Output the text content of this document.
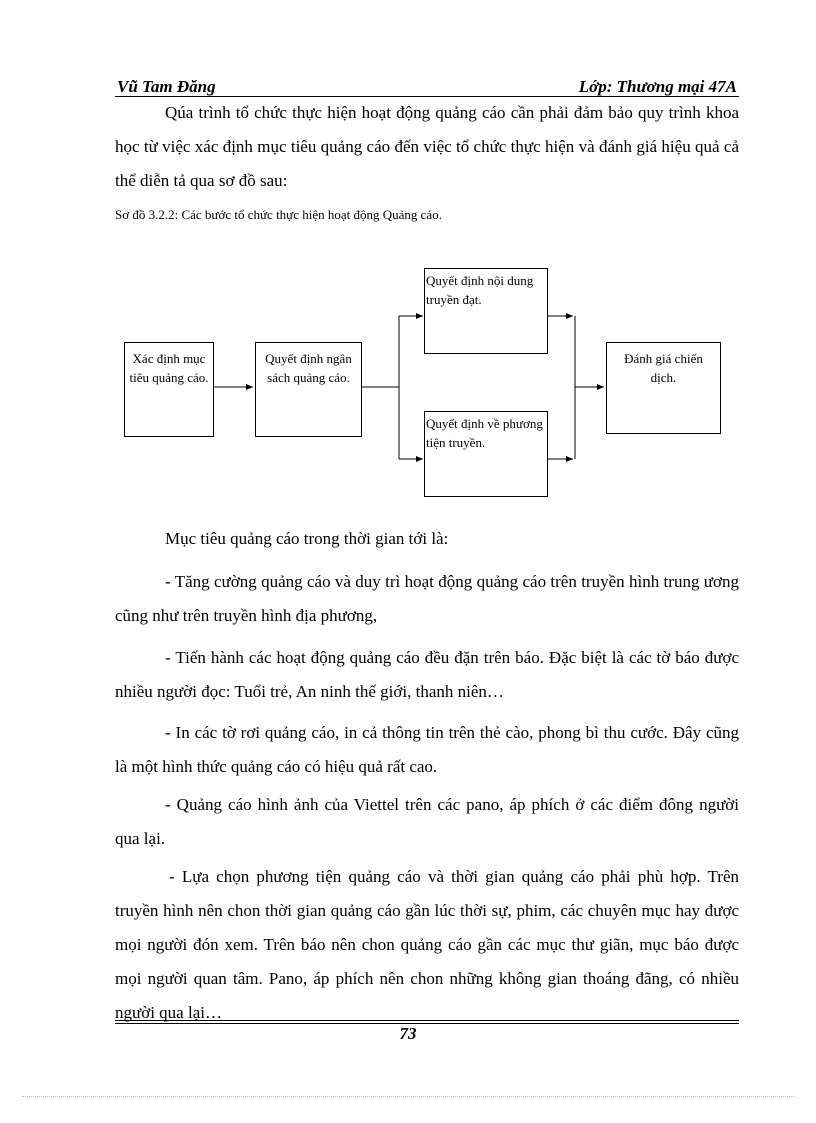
Vũ Tam Đăng	Lớp: Thương mại 47A
Qúa trình tổ chức thực hiện hoạt động quảng cáo cần phải đảm bảo quy trình khoa học từ việc xác định mục tiêu quảng cáo đến việc tổ chức thực hiện và đánh giá hiệu quả cả thể diễn tả qua sơ đồ sau:
Sơ đồ 3.2.2: Các bước tổ chức thực hiện hoạt động Quảng cáo.
Xác định mục tiêu quảng cáo.
Quyết định ngân sách quảng cáo.
Quyết định nội dung truyền đạt.
Quyết định về phương tiện truyền.
Đánh giá chiến dịch.
Mục tiêu quảng cáo trong thời gian tới là:
- Tăng cường quảng cáo và duy trì hoạt động quảng cáo trên truyền hình trung ương cũng như trên truyền hình địa phương,
- Tiến hành các hoạt động quảng cáo đều đặn trên báo. Đặc biệt là các tờ báo được nhiều người đọc: Tuổi trẻ, An ninh thế giới, thanh niên…
- In các tờ rơi quảng cáo, in cả thông tin trên thẻ cào, phong bì thu cước. Đây cũng là một hình thức quảng cáo có hiệu quả rất cao.
- Quảng cáo hình ảnh của Viettel trên các pano, áp phích ở các điểm đông người qua lại.
- Lựa chọn phương tiện quảng cáo và thời gian quảng cáo phải phù hợp. Trên truyền hình nên chon thời gian quảng cáo gần lúc thời sự, phim, các chuyên mục hay được mọi người đón xem. Trên báo nên chon quảng cáo gần các mục thư giãn, mục báo được mọi người quan tâm. Pano, áp phích nên chon những không gian thoáng đãng, có nhiều người qua lại…
73
